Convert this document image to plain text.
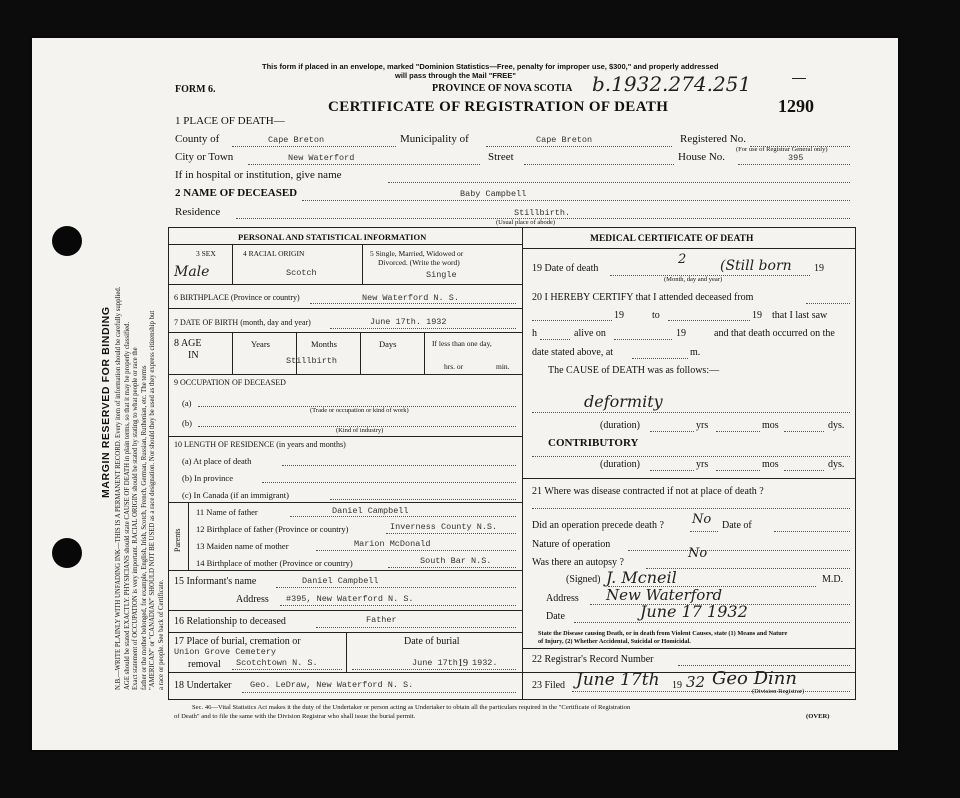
MARGIN RESERVED FOR BINDING N.B.—WRITE PLAINLY WITH UNFADING INK—THIS IS A PERMANENT RECORD. Every item of information should be carefully supplied. AGE should be stated EXACTLY. PHYSICIANS should state CAUSE OF DEATH in plain terms, so that it may be properly classified. Exact statement of OCCUPATION is very important. RACIAL ORIGIN should be stated by stating to what people or race the father or the mother belonged, for example, English, Irish, Scotch, French, German, Russian, Ruthenian, etc. The terms "AMERICAN" or "CANADIAN" SHOULD NOT BE USED as a race designation. Nor should they be used as they express citizenship but a race or people. See back of Certificate.
This form if placed in an envelope, marked "Dominion Statistics—Free, penalty for improper use, $300," and properly addressed
will pass through the Mail "FREE"
PROVINCE OF NOVA SCOTIA b.1932.274.251
FORM 6.
CERTIFICATE OF REGISTRATION OF DEATH	1290
1 PLACE OF DEATH—
County of	Cape Breton	Municipality of	Cape Breton	Registered No.
(For use of Registrar General only)
City or Town	New Waterford	Street	House No.	395
If in hospital or institution, give name
2 NAME OF DECEASED	Baby Campbell
Residence	Stillbirth.
(Usual place of abode)
PERSONAL AND STATISTICAL INFORMATION
3 SEX
Male
4 RACIAL ORIGIN
Scotch
5 Single, Married, Widowed or
Divorced. (Write the word)
Single
6 BIRTHPLACE (Province or country)	New Waterford N. S.
7 DATE OF BIRTH (month, day and year)	June 17th. 1932
8 AGE
IN
Years	Months	Days
Stillbirth
If less than one day,
hrs. or	min.
9 OCCUPATION OF DECEASED
(a)
(Trade or occupation or kind of work)
(b)
(Kind of industry)
10 LENGTH OF RESIDENCE (in years and months)
(a) At place of death
(b) In province
(c) In Canada (if an immigrant)
Parents
11 Name of father	Daniel Campbell
12 Birthplace of father (Province or country)	Inverness County N.S.
13 Maiden name of mother	Marion McDonald
14 Birthplace of mother (Province or country)	South Bar N.S.
15 Informant's name	Daniel Campbell
Address #395, New Waterford N. S.
16 Relationship to deceased	Father
17 Place of burial, cremation or
Union Grove Cemetery
removal Scotchtown N. S.
Date of burial
June 17th 19 1932.
18 Undertaker Geo. LeDraw, New Waterford N. S.
MEDICAL CERTIFICATE OF DEATH
19 Date of death
2 (Still born 19
(Month, day and year)
20 I HEREBY CERTIFY that I attended deceased from
19	to	19 that I last saw
h	alive on	19	and that death occurred on the
date stated above, at	m.
The CAUSE of DEATH was as follows:—
deformity
(duration)	yrs	mos	dys.
CONTRIBUTORY
(duration)	yrs	mos	dys.
21 Where was disease contracted if not at place of death ?
Did an operation precede death ? No Date of
Nature of operation
Was there an autopsy ?
No
(Signed) J. Mcneil	M.D.
Address New Waterford
Date	June 17 1932
State the Disease causing Death, or in death from Violent Causes, state (1) Means and Nature
of Injury, (2) Whether Accidental, Suicidal or Homicidal.
22 Registrar's Record Number
23 Filed June 17th 19 32 Geo Dinn
(Division Registrar)
Sec. 46—Vital Statistics Act makes it the duty of the Undertaker or person acting as Undertaker to obtain all the particulars required in the "Certificate of Registration
of Death" and to file the same with the Division Registrar who shall issue the burial permit.	(OVER)
